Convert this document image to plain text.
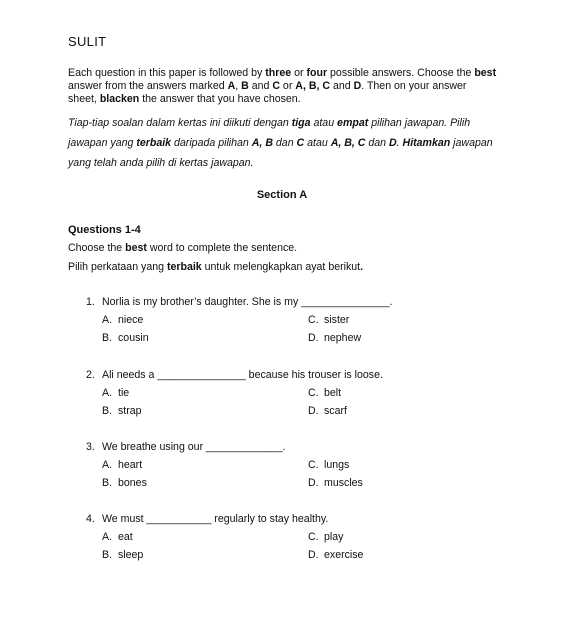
SULIT
Each question in this paper is followed by three or four possible answers. Choose the best answer from the answers marked A, B and C or A, B, C and D. Then on your answer sheet, blacken the answer that you have chosen.
Tiap-tiap soalan dalam kertas ini diikuti dengan tiga atau empat pilihan jawapan. Pilih jawapan yang terbaik daripada pilihan A, B dan C atau A, B, C dan D. Hitamkan jawapan yang telah anda pilih di kertas jawapan.
Section A
Questions 1-4
Choose the best word to complete the sentence.
Pilih perkataan yang terbaik untuk melengkapkan ayat berikut.
1. Norlia is my brother’s daughter. She is my _______________.
A. niece
B. cousin
C. sister
D. nephew
2. Ali needs a _______________ because his trouser is loose.
A. tie
B. strap
C. belt
D. scarf
3. We breathe using our _____________.
A. heart
B. bones
C. lungs
D. muscles
4. We must ___________ regularly to stay healthy.
A. eat
B. sleep
C. play
D. exercise
